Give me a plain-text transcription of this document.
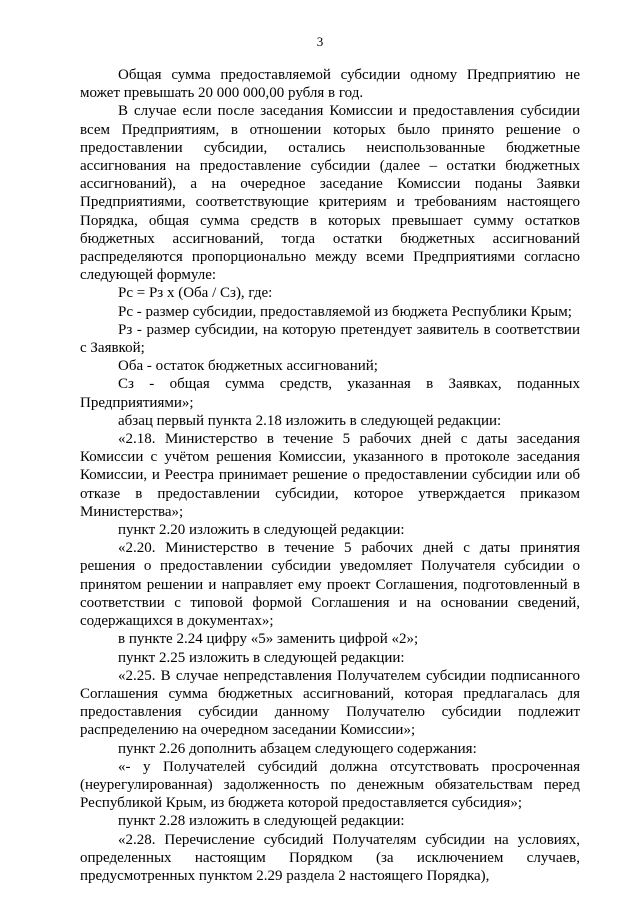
3

Общая сумма предоставляемой субсидии одному Предприятию не может превышать 20 000 000,00 рубля в год.

В случае если после заседания Комиссии и предоставления субсидии всем Предприятиям, в отношении которых было принято решение о предоставлении субсидии, остались неиспользованные бюджетные ассигнования на предоставление субсидии (далее – остатки бюджетных ассигнований), а на очередное заседание Комиссии поданы Заявки Предприятиями, соответствующие критериям и требованиям настоящего Порядка, общая сумма средств в которых превышает сумму остатков бюджетных ассигнований, тогда остатки бюджетных ассигнований распределяются пропорционально между всеми Предприятиями согласно следующей формуле:

Рс = Рз х (Оба / Сз), где:

Рс - размер субсидии, предоставляемой из бюджета Республики Крым;

Рз - размер субсидии, на которую претендует заявитель в соответствии с Заявкой;

Оба - остаток бюджетных ассигнований;

Сз - общая сумма средств, указанная в Заявках, поданных Предприятиями»;

абзац первый пункта 2.18 изложить в следующей редакции:

«2.18. Министерство в течение 5 рабочих дней с даты заседания Комиссии с учётом решения Комиссии, указанного в протоколе заседания Комиссии, и Реестра принимает решение о предоставлении субсидии или об отказе в предоставлении субсидии, которое утверждается приказом Министерства»;

пункт 2.20 изложить в следующей редакции:

«2.20. Министерство в течение 5 рабочих дней с даты принятия решения о предоставлении субсидии уведомляет Получателя субсидии о принятом решении и направляет ему проект Соглашения, подготовленный в соответствии с типовой формой Соглашения и на основании сведений, содержащихся в документах»;

в пункте 2.24 цифру «5» заменить цифрой «2»;

пункт 2.25 изложить в следующей редакции:

«2.25. В случае непредставления Получателем субсидии подписанного Соглашения сумма бюджетных ассигнований, которая предлагалась для предоставления субсидии данному Получателю субсидии подлежит распределению на очередном заседании Комиссии»;

пункт 2.26 дополнить абзацем следующего содержания:

«- у Получателей субсидий должна отсутствовать просроченная (неурегулированная) задолженность по денежным обязательствам перед Республикой Крым, из бюджета которой предоставляется субсидия»;

пункт 2.28 изложить в следующей редакции:

«2.28. Перечисление субсидий Получателям субсидии на условиях, определенных настоящим Порядком (за исключением случаев, предусмотренных пунктом 2.29 раздела 2 настоящего Порядка),
